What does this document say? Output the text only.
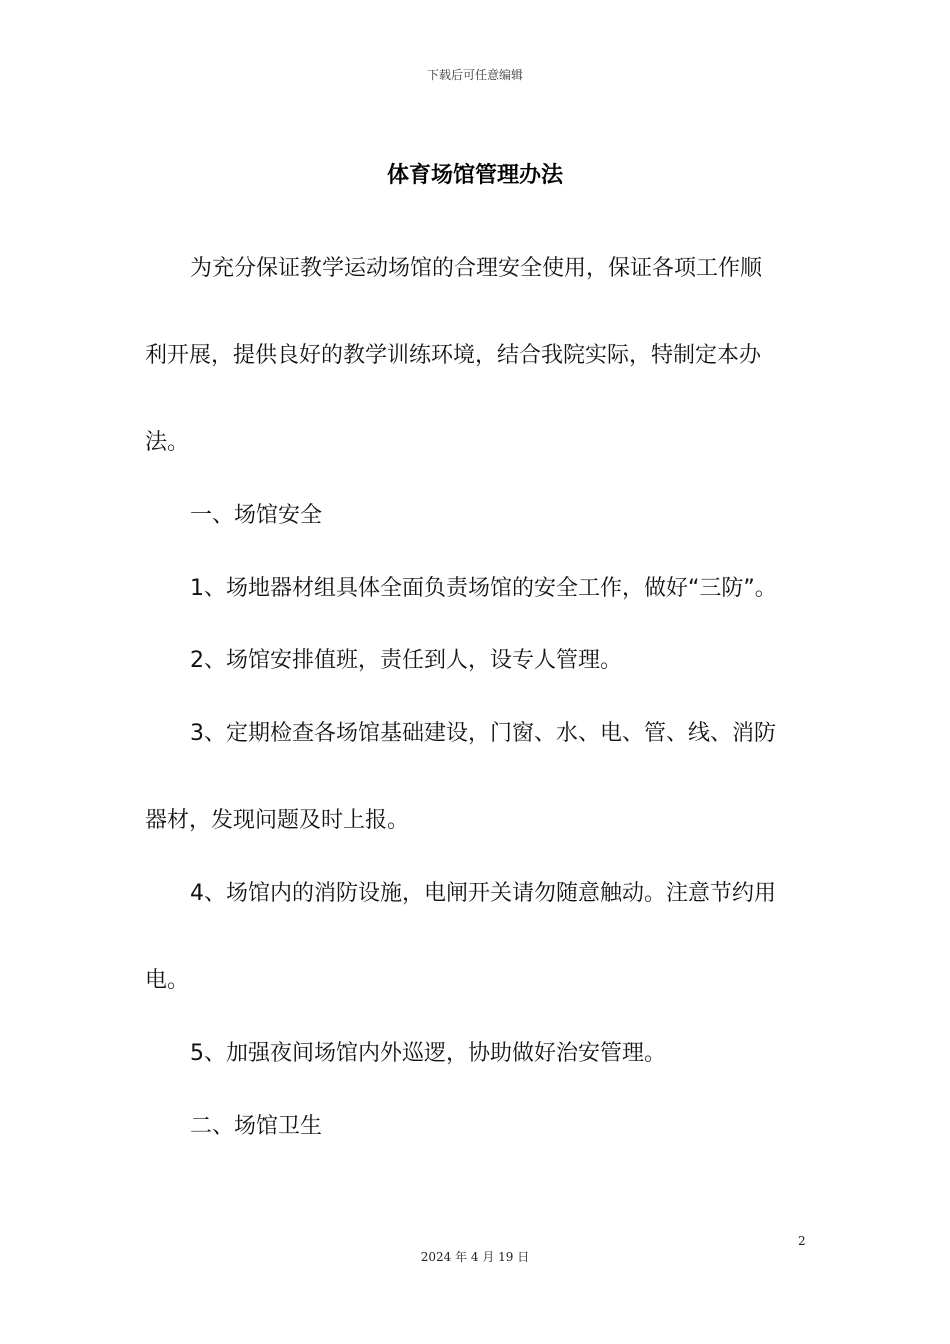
下载后可任意编辑
体育场馆管理办法
为充分保证教学运动场馆的合理安全使用，保证各项工作顺
利开展，提供良好的教学训练环境，结合我院实际，特制定本办
法。
一、场馆安全
1、场地器材组具体全面负责场馆的安全工作，做好“三防”。
2、场馆安排值班，责任到人，设专人管理。
3、定期检查各场馆基础建设，门窗、水、电、管、线、消防
器材，发现问题及时上报。
4、场馆内的消防设施，电闸开关请勿随意触动。注意节约用
电。
5、加强夜间场馆内外巡逻，协助做好治安管理。
二、场馆卫生
2
2024 年 4 月 19 日
